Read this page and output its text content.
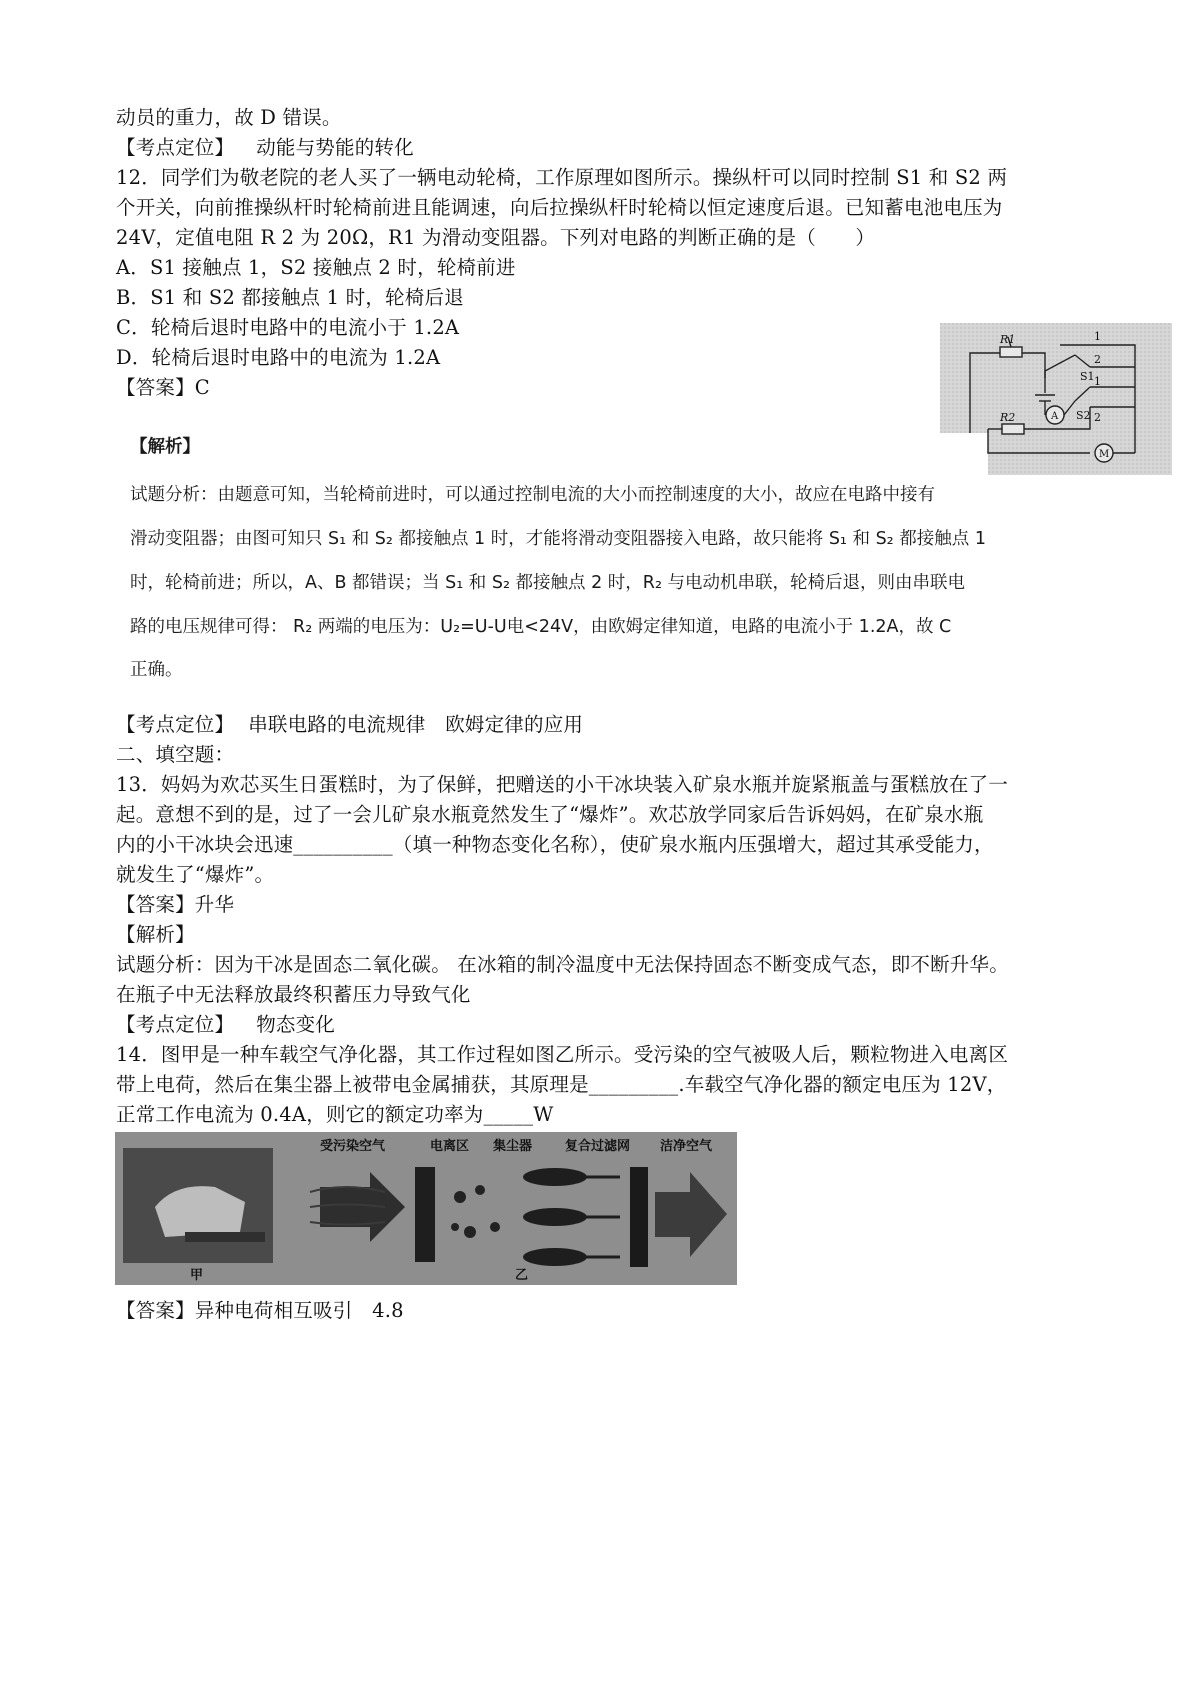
动员的重力，故 D 错误。
【考点定位】 动能与势能的转化
12．同学们为敬老院的老人买了一辆电动轮椅，工作原理如图所示。操纵杆可以同时控制 S1 和 S2 两
个开关，向前推操纵杆时轮椅前进且能调速，向后拉操纵杆时轮椅以恒定速度后退。已知蓄电池电压为
24V，定值电阻 R 2 为 20Ω，R1 为滑动变阻器。下列对电路的判断正确的是（　　）
A．S1 接触点 1，S2 接触点 2 时，轮椅前进
B．S1 和 S2 都接触点 1 时，轮椅后退
C．轮椅后退时电路中的电流小于 1.2A
D．轮椅后退时电路中的电流为 1.2A
【答案】C
R1
R2
S1
S2
A
M
1
2
1
2
【解析】
试题分析：由题意可知，当轮椅前进时，可以通过控制电流的大小而控制速度的大小，故应在电路中接有
滑动变阻器；由图可知只 S₁ 和 S₂ 都接触点 1 时，才能将滑动变阻器接入电路，故只能将 S₁ 和 S₂ 都接触点 1
时，轮椅前进；所以，A、B 都错误；当 S₁ 和 S₂ 都接触点 2 时，R₂ 与电动机串联，轮椅后退，则由串联电
路的电压规律可得： R₂ 两端的电压为：U₂=U-U电<24V，由欧姆定律知道，电路的电流小于 1.2A，故 C
正确。
【考点定位】 串联电路的电流规律　欧姆定律的应用
二、填空题：
13．妈妈为欢芯买生日蛋糕时，为了保鲜，把赠送的小干冰块装入矿泉水瓶并旋紧瓶盖与蛋糕放在了一
起。意想不到的是，过了一会儿矿泉水瓶竟然发生了“爆炸”。欢芯放学同家后告诉妈妈，在矿泉水瓶
内的小干冰块会迅速__________（填一种物态变化名称），使矿泉水瓶内压强增大，超过其承受能力，
就发生了“爆炸”。
【答案】升华
【解析】
试题分析：因为干冰是固态二氧化碳。 在冰箱的制冷温度中无法保持固态不断变成气态，即不断升华。
在瓶子中无法释放最终积蓄压力导致气化
【考点定位】 物态变化
14．图甲是一种车载空气净化器，其工作过程如图乙所示。受污染的空气被吸人后，颗粒物进入电离区
带上电荷，然后在集尘器上被带电金属捕获，其原理是_________.车载空气净化器的额定电压为 12V，
正常工作电流为 0.4A，则它的额定功率为_____W
受污染空气	电离区 集尘器	复合过滤网 洁净空气
甲	乙
【答案】异种电荷相互吸引　4.8
